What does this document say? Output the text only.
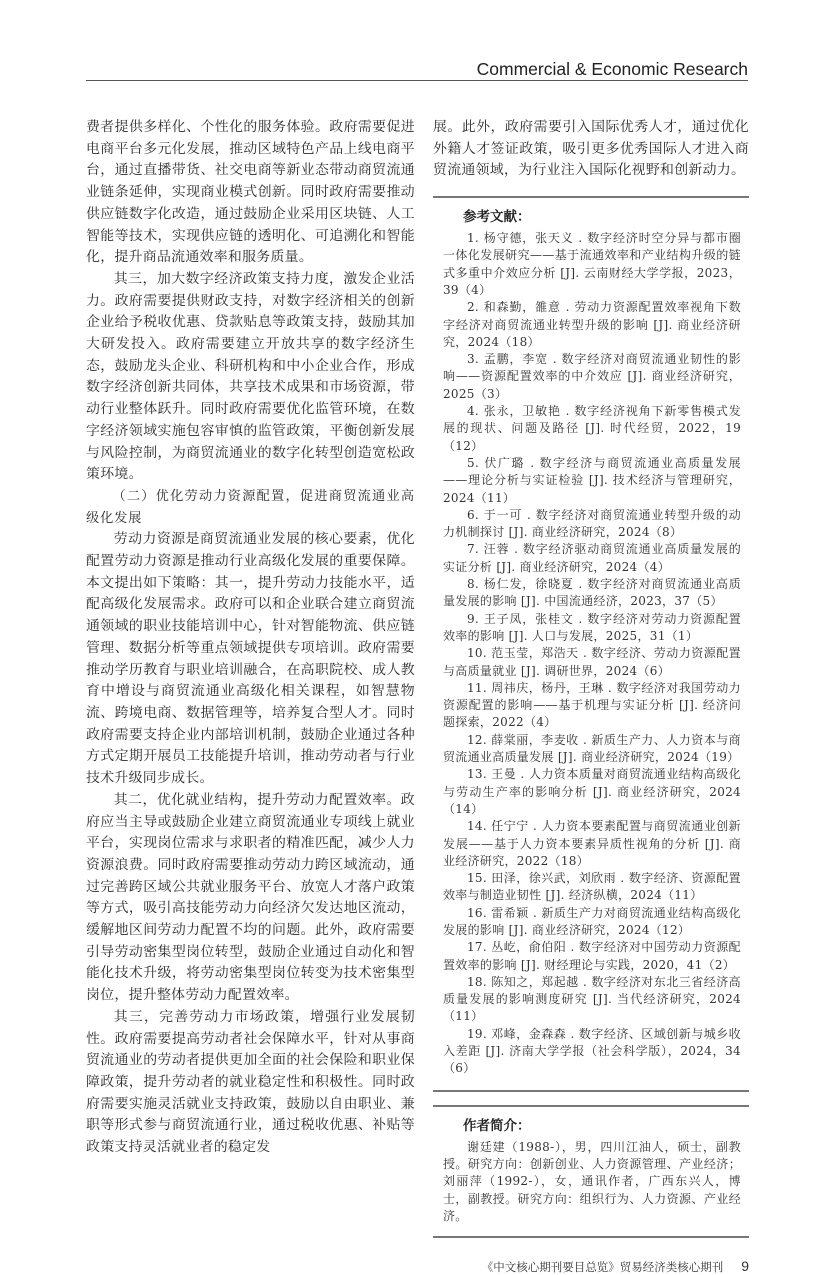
Commercial & Economic Research

费者提供多样化、个性化的服务体验。政府需要促进电商平台多元化发展，推动区域特色产品上线电商平台，通过直播带货、社交电商等新业态带动商贸流通业链条延伸，实现商业模式创新。同时政府需要推动供应链数字化改造，通过鼓励企业采用区块链、人工智能等技术，实现供应链的透明化、可追溯化和智能化，提升商品流通效率和服务质量。

其三，加大数字经济政策支持力度，激发企业活力。政府需要提供财政支持，对数字经济相关的创新企业给予税收优惠、贷款贴息等政策支持，鼓励其加大研发投入。政府需要建立开放共享的数字经济生态，鼓励龙头企业、科研机构和中小企业合作，形成数字经济创新共同体，共享技术成果和市场资源，带动行业整体跃升。同时政府需要优化监管环境，在数字经济领域实施包容审慎的监管政策，平衡创新发展与风险控制，为商贸流通业的数字化转型创造宽松政策环境。

（二）优化劳动力资源配置，促进商贸流通业高级化发展

劳动力资源是商贸流通业发展的核心要素，优化配置劳动力资源是推动行业高级化发展的重要保障。本文提出如下策略：其一，提升劳动力技能水平，适配高级化发展需求。政府可以和企业联合建立商贸流通领域的职业技能培训中心，针对智能物流、供应链管理、数据分析等重点领域提供专项培训。政府需要推动学历教育与职业培训融合，在高职院校、成人教育中增设与商贸流通业高级化相关课程，如智慧物流、跨境电商、数据管理等，培养复合型人才。同时政府需要支持企业内部培训机制，鼓励企业通过各种方式定期开展员工技能提升培训，推动劳动者与行业技术升级同步成长。

其二，优化就业结构，提升劳动力配置效率。政府应当主导或鼓励企业建立商贸流通业专项线上就业平台，实现岗位需求与求职者的精准匹配，减少人力资源浪费。同时政府需要推动劳动力跨区域流动，通过完善跨区域公共就业服务平台、放宽人才落户政策等方式，吸引高技能劳动力向经济欠发达地区流动，缓解地区间劳动力配置不均的问题。此外，政府需要引导劳动密集型岗位转型，鼓励企业通过自动化和智能化技术升级，将劳动密集型岗位转变为技术密集型岗位，提升整体劳动力配置效率。

其三，完善劳动力市场政策，增强行业发展韧性。政府需要提高劳动者社会保障水平，针对从事商贸流通业的劳动者提供更加全面的社会保险和职业保障政策，提升劳动者的就业稳定性和积极性。同时政府需要实施灵活就业支持政策，鼓励以自由职业、兼职等形式参与商贸流通行业，通过税收优惠、补贴等政策支持灵活就业者的稳定发

展。此外，政府需要引入国际优秀人才，通过优化外籍人才签证政策，吸引更多优秀国际人才进入商贸流通领域，为行业注入国际化视野和创新动力。

参考文献：

1. 杨守德，张天义 . 数字经济时空分异与都市圈一体化发展研究——基于流通效率和产业结构升级的链式多重中介效应分析 [J]. 云南财经大学学报，2023，39（4）

2. 和森勤，雒意 . 劳动力资源配置效率视角下数字经济对商贸流通业转型升级的影响 [J]. 商业经济研究，2024（18）

3. 孟鹏，李宽 . 数字经济对商贸流通业韧性的影响——资源配置效率的中介效应 [J]. 商业经济研究，2025（3）

4. 张永，卫敏艳 . 数字经济视角下新零售模式发展的现状、问题及路径 [J]. 时代经贸，2022，19（12）

5. 伏广璐 . 数字经济与商贸流通业高质量发展——理论分析与实证检验 [J]. 技术经济与管理研究，2024（11）

6. 于一可 . 数字经济对商贸流通业转型升级的动力机制探讨 [J]. 商业经济研究，2024（8）

7. 汪蓉 . 数字经济驱动商贸流通业高质量发展的实证分析 [J]. 商业经济研究，2024（4）

8. 杨仁发，徐晓夏 . 数字经济对商贸流通业高质量发展的影响 [J]. 中国流通经济，2023，37（5）

9. 王子凤，张桂文 . 数字经济对劳动力资源配置效率的影响 [J]. 人口与发展，2025，31（1）

10. 范玉莹，郑浩天 . 数字经济、劳动力资源配置与高质量就业 [J]. 调研世界，2024（6）

11. 周祎庆，杨丹，王琳 . 数字经济对我国劳动力资源配置的影响——基于机理与实证分析 [J]. 经济问题探索，2022（4）

12. 薛棠丽，李麦收 . 新质生产力、人力资本与商贸流通业高质量发展 [J]. 商业经济研究，2024（19）

13. 王曼 . 人力资本质量对商贸流通业结构高级化与劳动生产率的影响分析 [J]. 商业经济研究，2024（14）

14. 任宁宁 . 人力资本要素配置与商贸流通业创新发展——基于人力资本要素异质性视角的分析 [J]. 商业经济研究，2022（18）

15. 田泽，徐兴武，刘欣雨 . 数字经济、资源配置效率与制造业韧性 [J]. 经济纵横，2024（11）

16. 雷希颖 . 新质生产力对商贸流通业结构高级化发展的影响 [J]. 商业经济研究，2024（12）

17. 丛屹，俞伯阳 . 数字经济对中国劳动力资源配置效率的影响 [J]. 财经理论与实践，2020，41（2）

18. 陈知之，郑起越 . 数字经济对东北三省经济高质量发展的影响测度研究 [J]. 当代经济研究，2024（11）

19. 邓峰，金森森 . 数字经济、区域创新与城乡收入差距 [J]. 济南大学学报（社会科学版），2024，34（6）

作者简介：

谢廷建（1988-），男，四川江油人，硕士，副教授。研究方向：创新创业、人力资源管理、产业经济；刘丽萍（1992-），女，通讯作者，广西东兴人，博士，副教授。研究方向：组织行为、人力资源、产业经济。

《中文核心期刊要目总览》贸易经济类核心期刊 9
